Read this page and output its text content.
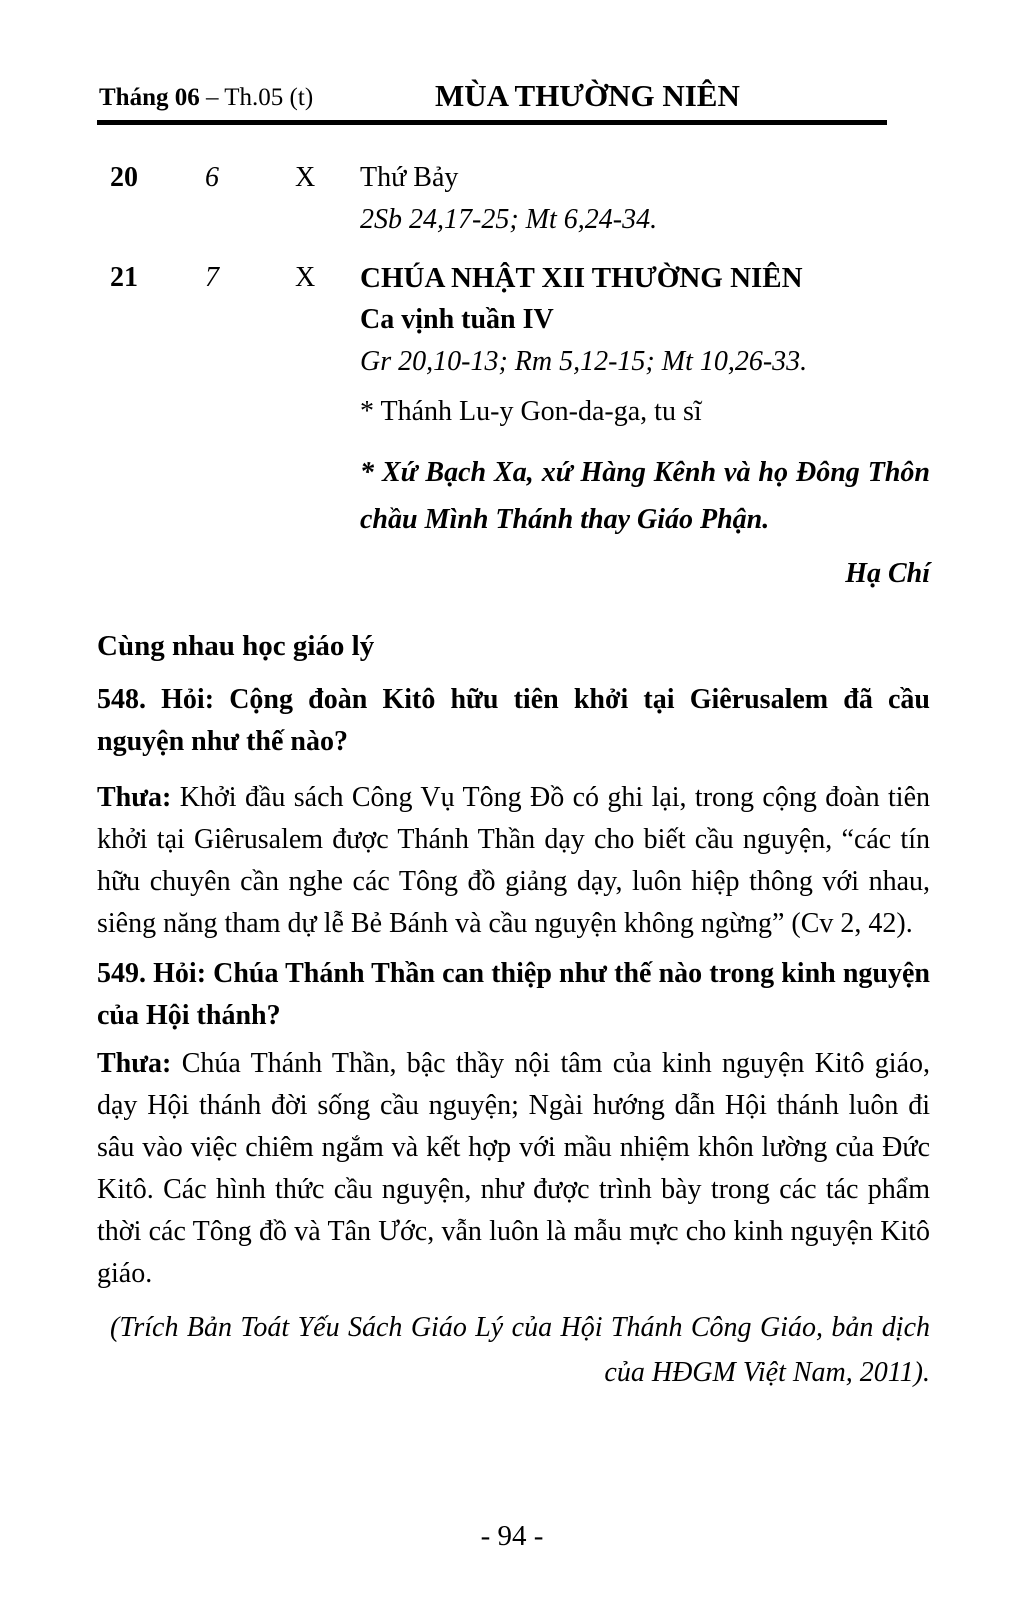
Tháng 06 – Th.05 (t)	MÙA THƯỜNG NIÊN
20	6	X	Thứ Bảy
2Sb 24,17-25; Mt 6,24-34.
21	7	X	CHÚA NHẬT XII THƯỜNG NIÊN
Ca vịnh tuần IV
Gr 20,10-13; Rm 5,12-15; Mt 10,26-33.
* Thánh Lu-y Gon-da-ga, tu sĩ
* Xứ Bạch Xa, xứ Hàng Kênh và họ Đông Thôn chầu Mình Thánh thay Giáo Phận.
Hạ Chí
Cùng nhau học giáo lý

548. Hỏi: Cộng đoàn Kitô hữu tiên khởi tại Giêrusalem đã cầu nguyện như thế nào?

Thưa: Khởi đầu sách Công Vụ Tông Đồ có ghi lại, trong cộng đoàn tiên khởi tại Giêrusalem được Thánh Thần dạy cho biết cầu nguyện, “các tín hữu chuyên cần nghe các Tông đồ giảng dạy, luôn hiệp thông với nhau, siêng năng tham dự lễ Bẻ Bánh và cầu nguyện không ngừng” (Cv 2, 42).

549. Hỏi: Chúa Thánh Thần can thiệp như thế nào trong kinh nguyện của Hội thánh?

Thưa: Chúa Thánh Thần, bậc thầy nội tâm của kinh nguyện Kitô giáo, dạy Hội thánh đời sống cầu nguyện; Ngài hướng dẫn Hội thánh luôn đi sâu vào việc chiêm ngắm và kết hợp với mầu nhiệm khôn lường của Đức Kitô. Các hình thức cầu nguyện, như được trình bày trong các tác phẩm thời các Tông đồ và Tân Ước, vẫn luôn là mẫu mực cho kinh nguyện Kitô giáo.

(Trích Bản Toát Yếu Sách Giáo Lý của Hội Thánh Công Giáo, bản dịch của HĐGM Việt Nam, 2011).

- 94 -
